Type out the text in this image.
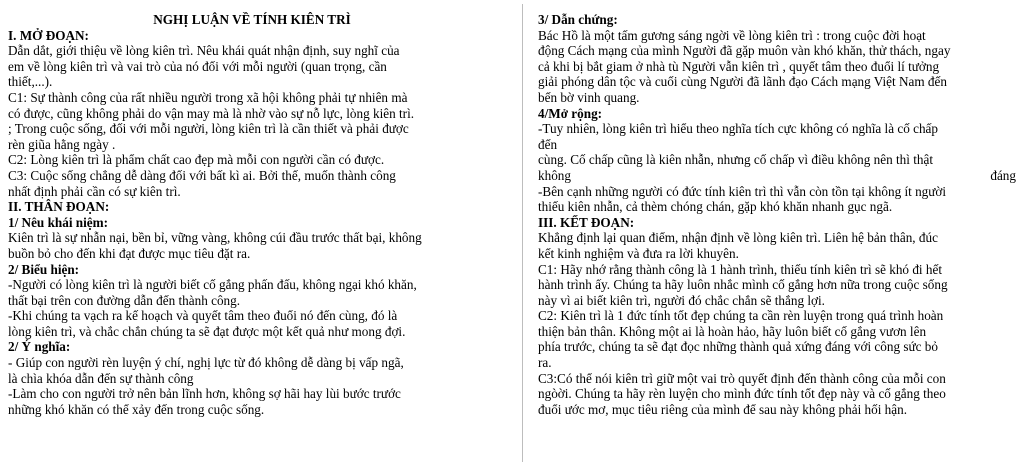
NGHỊ LUẬN VỀ TÍNH KIÊN TRÌ
I. MỞ ĐOẠN:
Dẫn dắt, giới thiệu về lòng kiên trì. Nêu khái quát nhận định, suy nghĩ của
em về lòng kiên trì và vai trò của nó đối với mỗi người (quan trọng, cần
thiết,...).
C1: Sự thành công của rất nhiều người trong xã hội không phải tự nhiên mà
có được, cũng không phải do vận may mà là nhờ vào sự nỗ lực, lòng kiên trì.
; Trong cuộc sống, đối với mỗi người, lòng kiên trì là cần thiết và phải được
rèn giũa hằng ngày .
C2: Lòng kiên trì là phẩm chất cao đẹp mà mỗi con người cần có được.
C3: Cuộc sống chẳng dễ dàng đối với bất kì ai. Bởi thế, muốn thành công
nhất định phải cần có sự kiên trì.
II. THÂN ĐOẠN:
1/ Nêu khái niệm:
Kiên trì là sự nhẫn nại, bền bỉ, vững vàng, không cúi đầu trước thất bại, không
buồn bỏ cho đến khi đạt được mục tiêu đặt ra.
2/ Biểu hiện:
-Người có lòng kiên trì là người biết cố gắng phấn đấu, không ngại khó khăn,
thất bại trên con đường dẫn đến thành công.
-Khi chúng ta vạch ra kế hoạch và quyết tâm theo đuổi nó đến cùng, đó là
lòng kiên trì, và chắc chắn chúng ta sẽ đạt được một kết quả như mong đợi.
2/ Ý nghĩa:
- Giúp con người rèn luyện ý chí, nghị lực từ đó không dễ dàng bị vấp ngã,
là chìa khóa dẫn đến sự thành công
-Làm cho con người trở nên bản lĩnh hơn, không sợ hãi hay lùi bước trước
những khó khăn có thể xảy đến trong cuộc sống.
3/ Dẫn chứng:
Bác Hồ là một tấm gương sáng ngời về lòng kiên trì : trong cuộc đời hoạt
động Cách mạng của mình Người đã gặp muôn vàn khó khăn, thử thách, ngay
cả khi bị bắt giam ở nhà tù Người vẫn kiên trì , quyết tâm theo đuổi lí tưởng
giải phóng dân tộc và cuối cùng Người đã lãnh đạo Cách mạng Việt Nam đến
bến bờ vinh quang.
4/Mở rộng:
-Tuy nhiên, lòng kiên trì hiểu theo nghĩa tích cực không có nghĩa là cố chấp
đến
cùng. Cố chấp cũng là kiên nhẫn, nhưng cố chấp vì điều không nên thì thật
không đáng
-Bên cạnh những người có đức tính kiên trì thì vẫn còn tồn tại không ít người
thiếu kiên nhẫn, cả thèm chóng chán, gặp khó khăn nhanh gục ngã.
III. KẾT ĐOẠN:
Khẳng định lại quan điểm, nhận định về lòng kiên trì. Liên hệ bản thân, đúc
kết kinh nghiệm và đưa ra lời khuyên.
C1: Hãy nhớ rằng thành công là 1 hành trình, thiếu tính kiên trì sẽ khó đi hết
hành trình ấy. Chúng ta hãy luôn nhắc mình cố gắng hơn nữa trong cuộc sống
này vì ai biết kiên trì, người đó chắc chắn sẽ thắng lợi.
C2: Kiên trì là 1 đức tính tốt đẹp chúng ta cần rèn luyện trong quá trình hoàn
thiện bản thân. Không một ai là hoàn hảo, hãy luôn biết cố gắng vươn lên
phía trước, chúng ta sẽ đạt đọc những thành quả xứng đáng với công sức bỏ
ra.
C3:Có thể nói kiên trì giữ một vai trò quyết định đến thành công của mỗi con
ngòời. Chúng ta hãy rèn luyện cho mình đức tính tốt đẹp này và cố gắng theo
đuổi ước mơ, mục tiêu riêng của mình để sau này không phải hối hận.
